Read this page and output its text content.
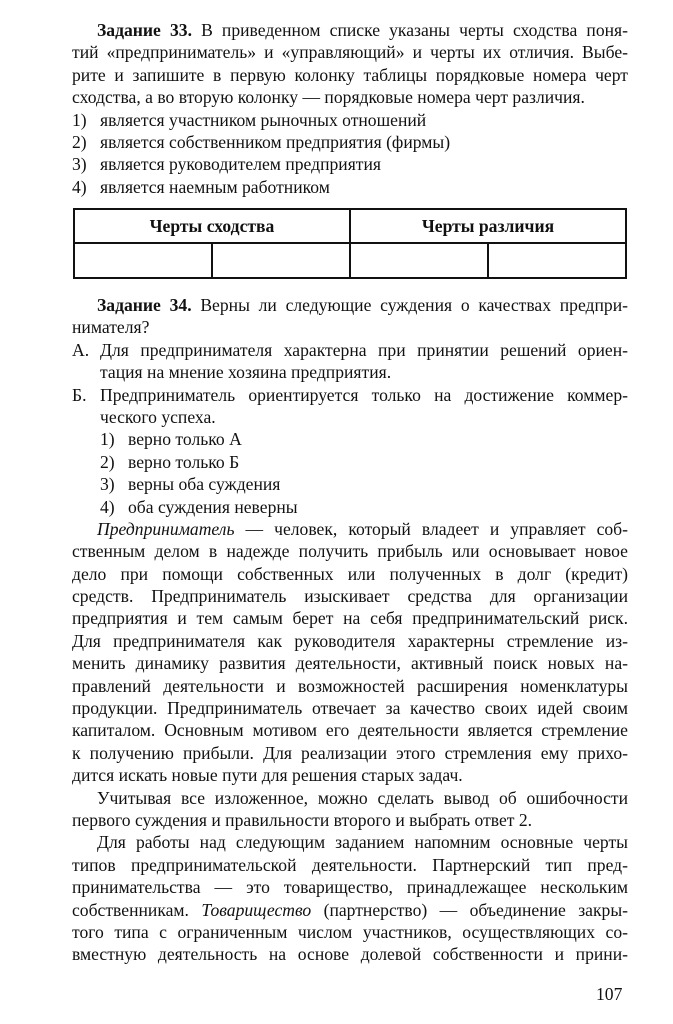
Задание 33. В приведенном списке указаны черты сходства поня-
тий «предприниматель» и «управляющий» и черты их отличия. Выбе-
рите и запишите в первую колонку таблицы порядковые номера черт
сходства, а во вторую колонку — порядковые номера черт различия.
1) является участником рыночных отношений
2) является собственником предприятия (фирмы)
3) является руководителем предприятия
4) является наемным работником
Черты сходства		Черты различия	

Задание 34. Верны ли следующие суждения о качествах предпри-
нимателя?
А. Для предпринимателя характерна при принятии решений ориен-
тация на мнение хозяина предприятия.
Б. Предприниматель ориентируется только на достижение коммер-
ческого успеха.
1) верно только А
2) верно только Б
3) верны оба суждения
4) оба суждения неверны
Предприниматель — человек, который владеет и управляет соб-
ственным делом в надежде получить прибыль или основывает новое
дело при помощи собственных или полученных в долг (кредит)
средств. Предприниматель изыскивает средства для организации
предприятия и тем самым берет на себя предпринимательский риск.
Для предпринимателя как руководителя характерны стремление из-
менить динамику развития деятельности, активный поиск новых на-
правлений деятельности и возможностей расширения номенклатуры
продукции. Предприниматель отвечает за качество своих идей своим
капиталом. Основным мотивом его деятельности является стремление
к получению прибыли. Для реализации этого стремления ему прихо-
дится искать новые пути для решения старых задач.
Учитывая все изложенное, можно сделать вывод об ошибочности
первого суждения и правильности второго и выбрать ответ 2.
Для работы над следующим заданием напомним основные черты
типов предпринимательской деятельности. Партнерский тип пред-
принимательства — это товарищество, принадлежащее нескольким
собственникам. Товарищество (партнерство) — объединение закры-
того типа с ограниченным числом участников, осуществляющих со-
вместную деятельность на основе долевой собственности и прини-
107
